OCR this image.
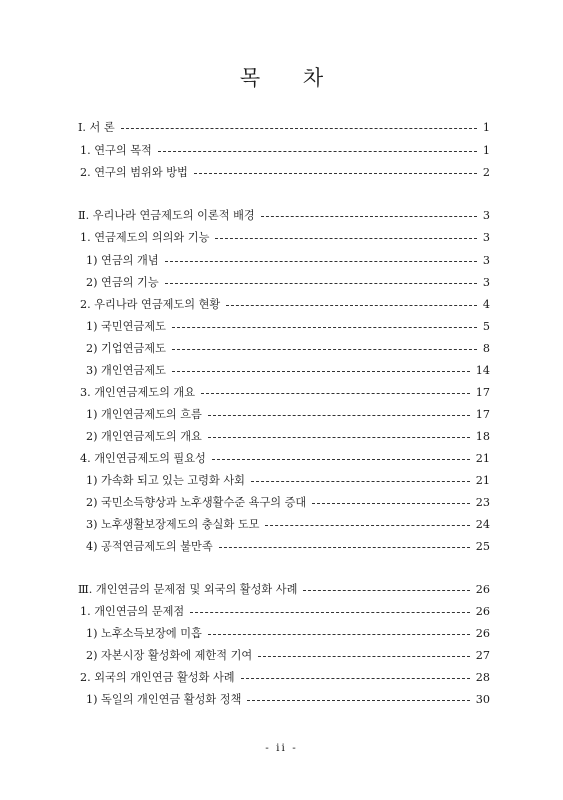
목 차
Ⅰ. 서 론	1
1. 연구의 목적	1
2. 연구의 범위와 방법	2
Ⅱ. 우리나라 연금제도의 이론적 배경	3
1. 연금제도의 의의와 기능	3
1) 연금의 개념	3
2) 연금의 기능	3
2. 우리나라 연금제도의 현황	4
1) 국민연금제도	5
2) 기업연금제도	8
3) 개인연금제도	14
3. 개인연금제도의 개요	17
1) 개인연금제도의 흐름	17
2) 개인연금제도의 개요	18
4. 개인연금제도의 필요성	21
1) 가속화 되고 있는 고령화 사회	21
2) 국민소득향상과 노후생활수준 욕구의 증대	23
3) 노후생활보장제도의 충실화 도모	24
4) 공적연금제도의 불만족	25
Ⅲ. 개인연금의 문제점 및 외국의 활성화 사례	26
1. 개인연금의 문제점	26
1) 노후소득보장에 미흡	26
2) 자본시장 활성화에 제한적 기여	27
2. 외국의 개인연금 활성화 사례	28
1) 독일의 개인연금 활성화 정책	30
- ii -
